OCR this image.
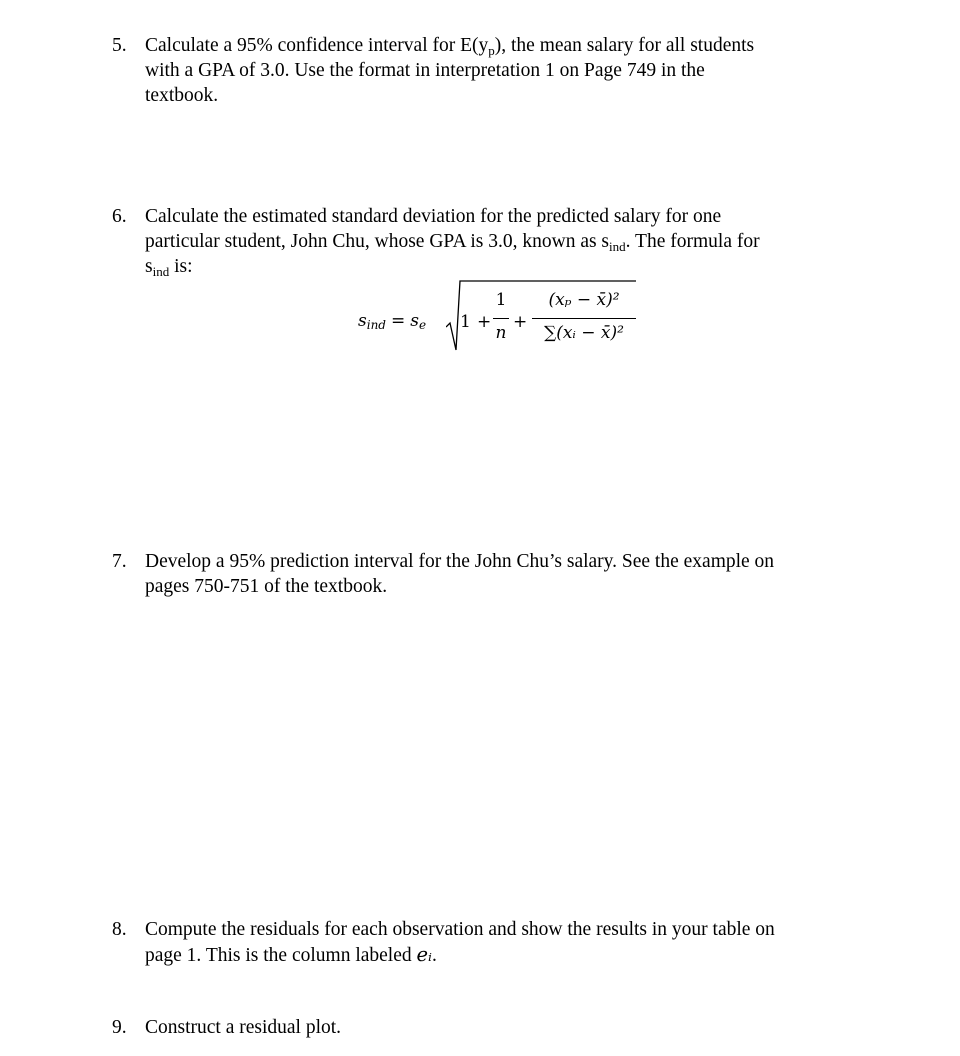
5. Calculate a 95% confidence interval for $E(y_p)$, the mean salary for all students
with a GPA of 3.0. Use the format in interpretation 1 on Page 749 in the
textbook.
6. Calculate the estimated standard deviation for the predicted salary for one
particular student, John Chu, whose GPA is 3.0, known as $s_{ind}$. The formula for
$s_{ind}$ is:
$s_{ind} = s_e$ 1 +
1
n
+
(xₚ − x̄)²
∑(xᵢ − x̄)²
7. Develop a 95% prediction interval for the John Chu’s salary. See the example on
pages 750-751 of the textbook.
8. Compute the residuals for each observation and show the results in your table on
page 1. This is the column labeled eᵢ.
9. Construct a residual plot.
